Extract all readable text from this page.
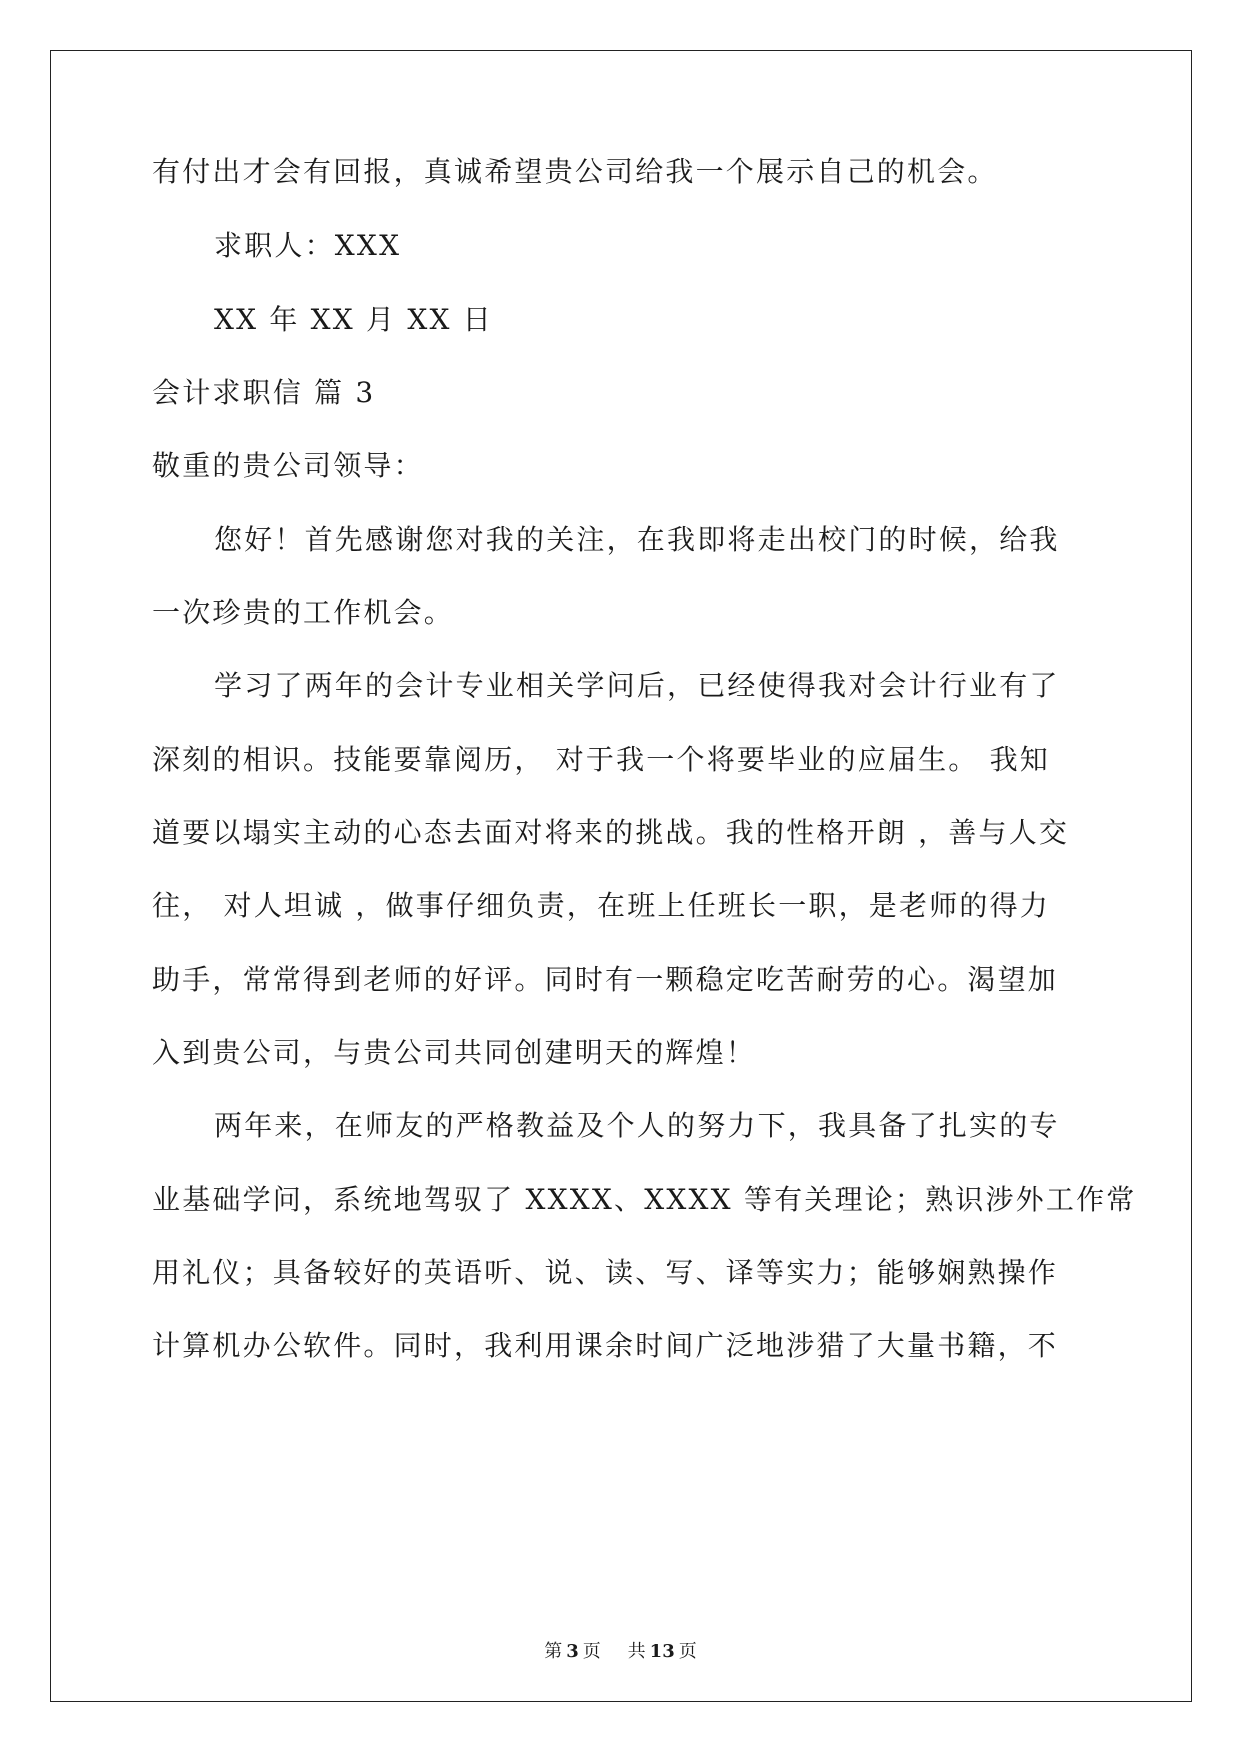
有付出才会有回报，真诚希望贵公司给我一个展示自己的机会。
求职人：XXX
XX 年 XX 月 XX 日
会计求职信 篇 3
敬重的贵公司领导：
您好！首先感谢您对我的关注，在我即将走出校门的时候，给我
一次珍贵的工作机会。
学习了两年的会计专业相关学问后，已经使得我对会计行业有了
深刻的相识。技能要靠阅历， 对于我一个将要毕业的应届生。 我知
道要以塌实主动的心态去面对将来的挑战。我的性格开朗 ，善与人交
往， 对人坦诚 ，做事仔细负责，在班上任班长一职，是老师的得力
助手，常常得到老师的好评。同时有一颗稳定吃苦耐劳的心。渴望加
入到贵公司，与贵公司共同创建明天的辉煌！
两年来，在师友的严格教益及个人的努力下，我具备了扎实的专
业基础学问，系统地驾驭了 XXXX、XXXX 等有关理论；熟识涉外工作常
用礼仪；具备较好的英语听、说、读、写、译等实力；能够娴熟操作
计算机办公软件。同时，我利用课余时间广泛地涉猎了大量书籍，不
第 3 页 共 13 页
